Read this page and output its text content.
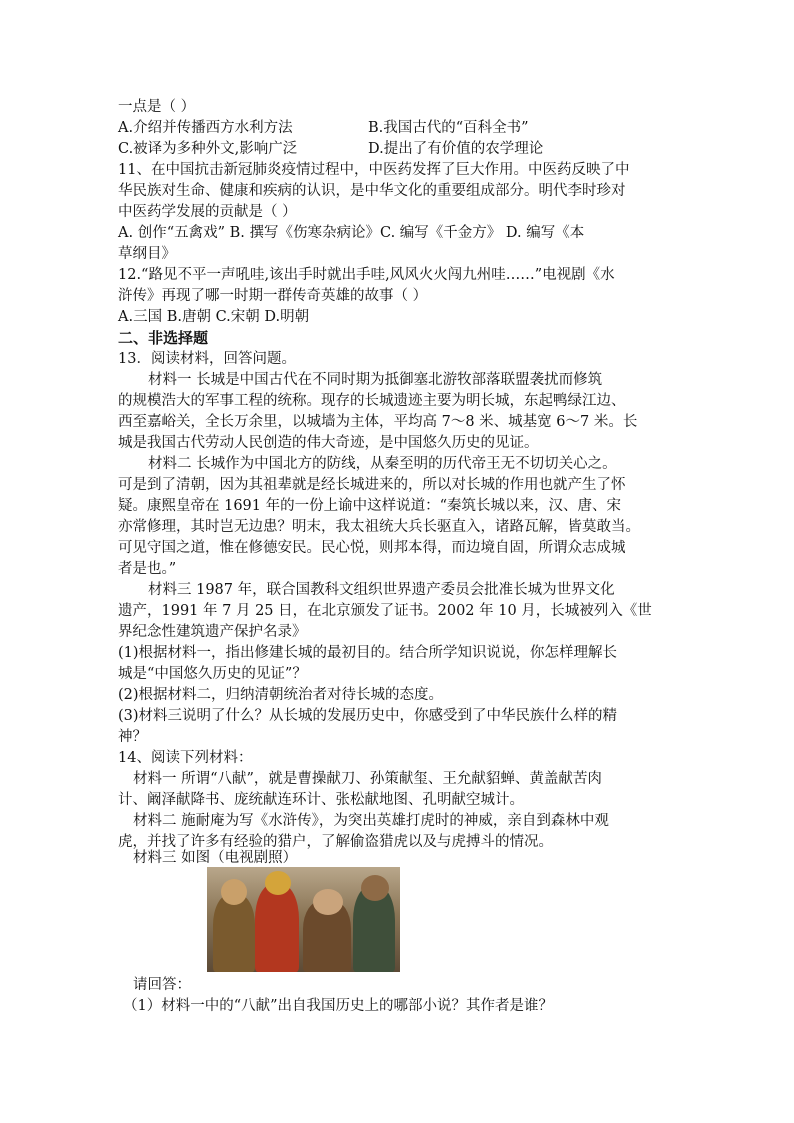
一点是（ ）
A.介绍并传播西方水利方法	B.我国古代的“百科全书”
C.被译为多种外文,影响广泛	D.提出了有价值的农学理论
11、在中国抗击新冠肺炎疫情过程中，中医药发挥了巨大作用。中医药反映了中
华民族对生命、健康和疾病的认识，是中华文化的重要组成部分。明代李时珍对
中医药学发展的贡献是（ ）
A. 创作“五禽戏” B. 撰写《伤寒杂病论》C. 编写《千金方》 D. 编写《本
草纲目》
12.“路见不平一声吼哇,该出手时就出手哇,风风火火闯九州哇……”电视剧《水
浒传》再现了哪一时期一群传奇英雄的故事（ ）
A.三国 B.唐朝 C.宋朝 D.明朝
二、非选择题
13．阅读材料，回答问题。
材料一 长城是中国古代在不同时期为抵御塞北游牧部落联盟袭扰而修筑
的规模浩大的军事工程的统称。现存的长城遗迹主要为明长城，东起鸭绿江边、
西至嘉峪关，全长万余里，以城墙为主体，平均高 7～8 米、城基宽 6～7 米。长
城是我国古代劳动人民创造的伟大奇迹，是中国悠久历史的见证。
材料二 长城作为中国北方的防线，从秦至明的历代帝王无不切切关心之。
可是到了清朝，因为其祖辈就是经长城进来的，所以对长城的作用也就产生了怀
疑。康熙皇帝在 1691 年的一份上谕中这样说道：“秦筑长城以来，汉、唐、宋
亦常修理，其时岂无边患？明末，我太祖统大兵长驱直入，诸路瓦解，皆莫敢当。
可见守国之道，惟在修德安民。民心悦，则邦本得，而边境自固，所谓众志成城
者是也。”
材料三 1987 年，联合国教科文组织世界遗产委员会批准长城为世界文化
遗产，1991 年 7 月 25 日，在北京颁发了证书。2002 年 10 月，长城被列入《世
界纪念性建筑遗产保护名录》
(1)根据材料一，指出修建长城的最初目的。结合所学知识说说，你怎样理解长
城是“中国悠久历史的见证”？
(2)根据材料二，归纳清朝统治者对待长城的态度。
(3)材料三说明了什么？从长城的发展历史中，你感受到了中华民族什么样的精
神？
14、阅读下列材料：
材料一 所谓“八献”，就是曹操献刀、孙策献玺、王允献貂蝉、黄盖献苦肉
计、阚泽献降书、庞统献连环计、张松献地图、孔明献空城计。
材料二 施耐庵为写《水浒传》，为突出英雄打虎时的神威，亲自到森林中观
虎，并找了许多有经验的猎户，了解偷盗猎虎以及与虎搏斗的情况。
材料三 如图（电视剧照）
请回答：
（1）材料一中的“八献”出自我国历史上的哪部小说？其作者是谁？
